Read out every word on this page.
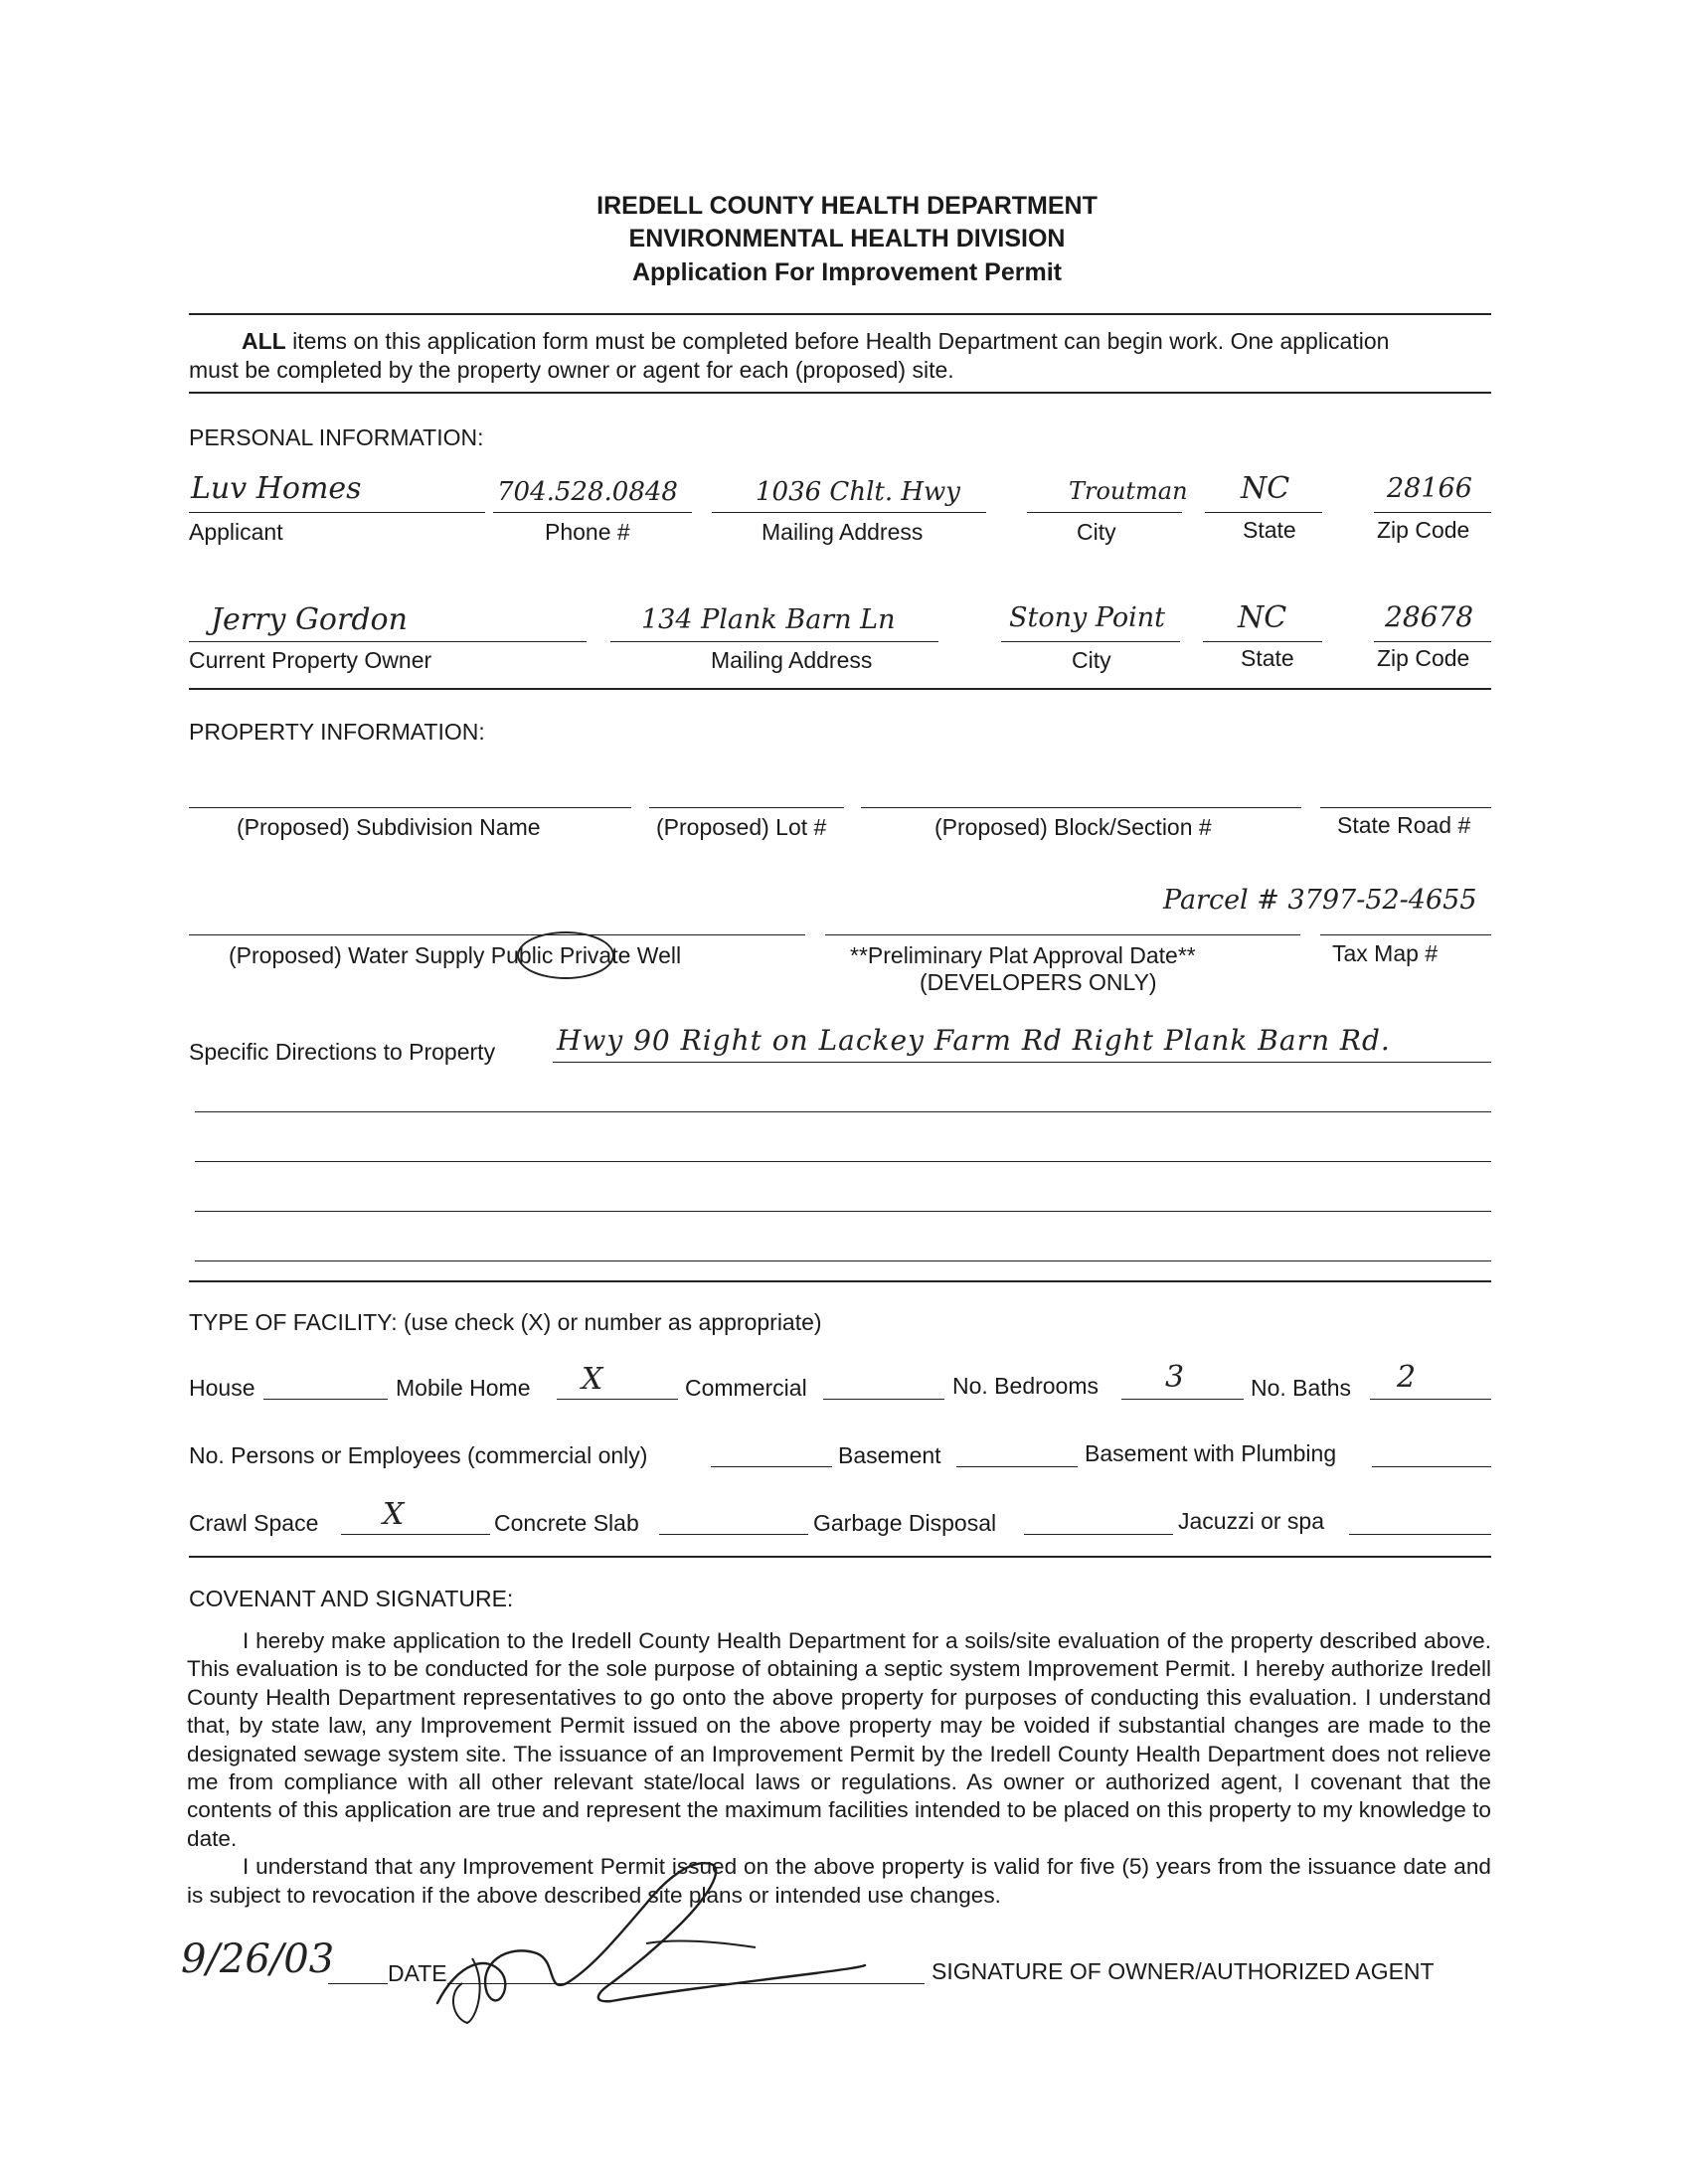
IREDELL COUNTY HEALTH DEPARTMENT
ENVIRONMENTAL HEALTH DIVISION
Application For Improvement Permit
ALL items on this application form must be completed before Health Department can begin work. One application
must be completed by the property owner or agent for each (proposed) site.
PERSONAL INFORMATION:
Luv Homes	704.528.0848	1036 Chlt. Hwy	Troutman NC	28166
Applicant	Phone #	Mailing Address	City	State	Zip Code
Jerry Gordon	134 Plank Barn Ln	Stony Point NC	28678
Current Property Owner	Mailing Address	City	State	Zip Code
PROPERTY INFORMATION:
(Proposed) Subdivision Name	(Proposed) Lot #	(Proposed) Block/Section #	State Road #
Parcel # 3797-52-4655
(Proposed) Water Supply Public Private Well	**Preliminary Plat Approval Date**
(DEVELOPERS ONLY)
Tax Map #
Specific Directions to Property Hwy 90 Right on Lackey Farm Rd Right Plank Barn Rd.
TYPE OF FACILITY: (use check (X) or number as appropriate)
House	Mobile Home X	Commercial	No. Bedrooms 3	No. Baths 2
No. Persons or Employees (commercial only)	Basement	Basement with Plumbing
Crawl Space X	Concrete Slab	Garbage Disposal	Jacuzzi or spa
COVENANT AND SIGNATURE:

I hereby make application to the Iredell County Health Department for a soils/site evaluation of the property described above. This evaluation is to be conducted for the sole purpose of obtaining a septic system Improvement Permit. I hereby authorize Iredell County Health Department representatives to go onto the above property for purposes of conducting this evaluation. I understand that, by state law, any Improvement Permit issued on the above property may be voided if substantial changes are made to the designated sewage system site. The issuance of an Improvement Permit by the Iredell County Health Department does not relieve me from compliance with all other relevant state/local laws or regulations. As owner or authorized agent, I covenant that the contents of this application are true and represent the maximum facilities intended to be placed on this property to my knowledge to date.

I understand that any Improvement Permit issued on the above property is valid for five (5) years from the issuance date and is subject to revocation if the above described site plans or intended use changes.

9/26/03 DATE	SIGNATURE OF OWNER/AUTHORIZED AGENT
